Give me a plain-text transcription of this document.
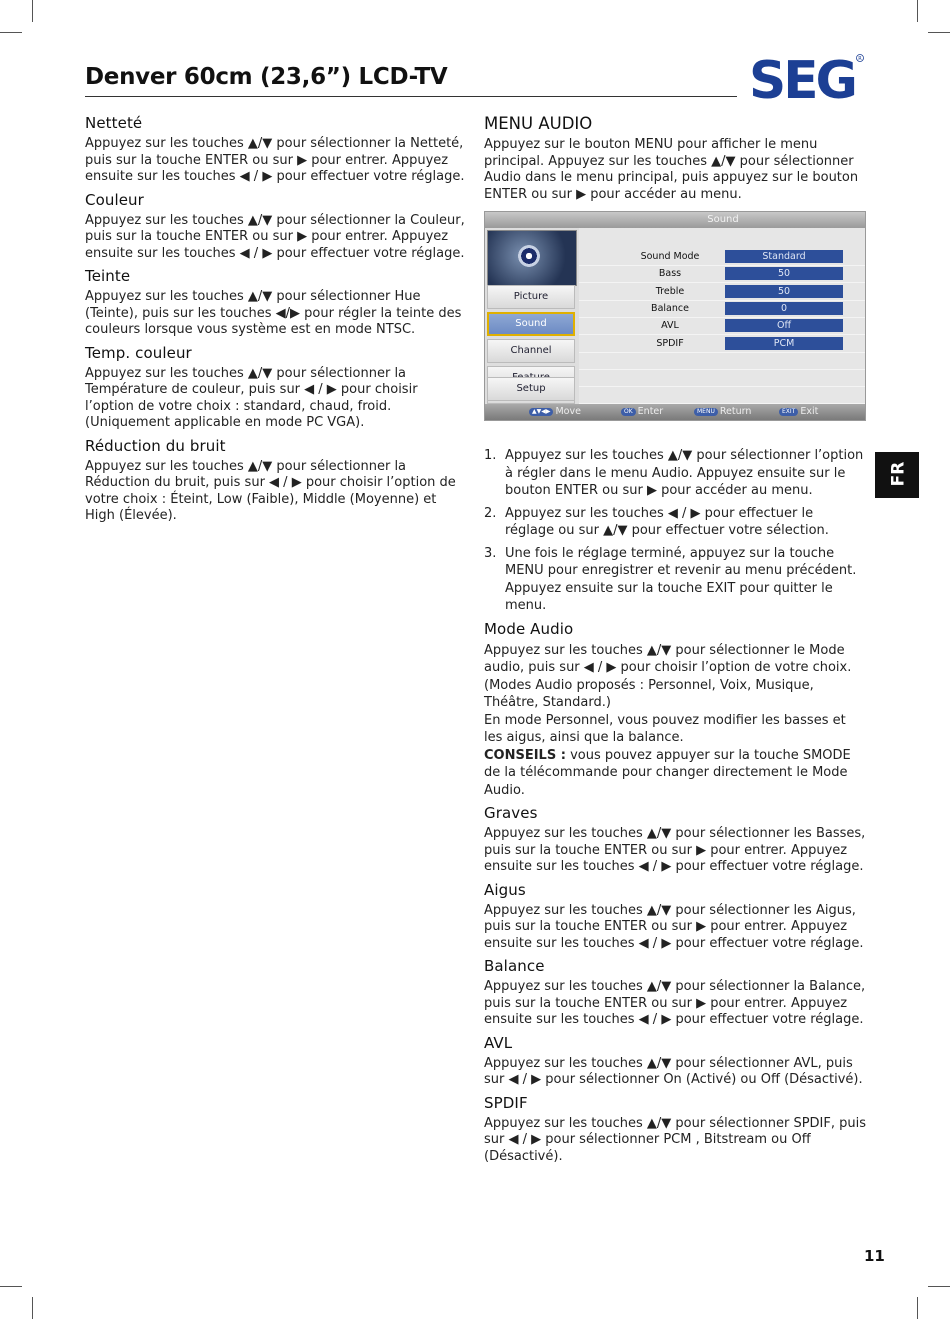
Denver 60cm (23,6”) LCD-TV	SEG R
Netteté

Appuyez sur les touches ▲/▼ pour sélectionner la Netteté, puis sur la touche ENTER ou sur ▶ pour entrer. Appuyez ensuite sur les touches ◀ / ▶ pour effectuer votre réglage.

Couleur

Appuyez sur les touches ▲/▼ pour sélectionner la Couleur, puis sur la touche ENTER ou sur ▶ pour entrer. Appuyez ensuite sur les touches ◀ / ▶ pour effectuer votre réglage.

Teinte

Appuyez sur les touches ▲/▼ pour sélectionner Hue (Teinte), puis sur les touches ◀/▶ pour régler la teinte des couleurs lorsque vous système est en mode NTSC.

Temp. couleur

Appuyez sur les touches ▲/▼ pour sélectionner la Température de couleur, puis sur ◀ / ▶ pour choisir l’option de votre choix : standard, chaud, froid. (Uniquement applicable en mode PC VGA).

Réduction du bruit

Appuyez sur les touches ▲/▼ pour sélectionner la Réduction du bruit, puis sur ◀ / ▶ pour choisir l’option de votre choix : Éteint, Low (Faible), Middle (Moyenne) et High (Élevée).

MENU AUDIO

Appuyez sur le bouton MENU pour afficher le menu principal. Appuyez sur les touches ▲/▼ pour sélectionner Audio dans le menu principal, puis appuyez sur le bouton ENTER ou sur ▶ pour accéder au menu.

Sound
Picture
Sound
Channel
Sound Mode	Standard
Bass	50
Treble	50
Balance	0
AVL	Off
SPDIF	PCM
Setup
▲▼◀▶ Move	OK Enter	MENU Return	EXIT Exit
1. Appuyez sur les touches ▲/▼ pour sélectionner l’option à régler dans le menu Audio. Appuyez ensuite sur le bouton ENTER ou sur ▶ pour accéder au menu.
2. Appuyez sur les touches ◀ / ▶ pour effectuer le réglage ou sur ▲/▼ pour effectuer votre sélection.
3. Une fois le réglage terminé, appuyez sur la touche MENU pour enregistrer et revenir au menu précédent. Appuyez ensuite sur la touche EXIT pour quitter le menu.
Mode Audio

Appuyez sur les touches ▲/▼ pour sélectionner le Mode audio, puis sur ◀ / ▶ pour choisir l’option de votre choix. (Modes Audio proposés : Personnel, Voix, Musique, Théâtre, Standard.)

En mode Personnel, vous pouvez modifier les basses et les aigus, ainsi que la balance.

CONSEILS : vous pouvez appuyer sur la touche SMODE de la télécommande pour changer directement le Mode Audio.

Graves

Appuyez sur les touches ▲/▼ pour sélectionner les Basses, puis sur la touche ENTER ou sur ▶ pour entrer. Appuyez ensuite sur les touches ◀ / ▶ pour effectuer votre réglage.

Aigus

Appuyez sur les touches ▲/▼ pour sélectionner les Aigus, puis sur la touche ENTER ou sur ▶ pour entrer. Appuyez ensuite sur les touches ◀ / ▶ pour effectuer votre réglage.

Balance

Appuyez sur les touches ▲/▼ pour sélectionner la Balance, puis sur la touche ENTER ou sur ▶ pour entrer. Appuyez ensuite sur les touches ◀ / ▶ pour effectuer votre réglage.

AVL

Appuyez sur les touches ▲/▼ pour sélectionner AVL, puis sur ◀ / ▶ pour sélectionner On (Activé) ou Off (Désactivé).

SPDIF

Appuyez sur les touches ▲/▼ pour sélectionner SPDIF, puis sur ◀ / ▶ pour sélectionner PCM , Bitstream ou Off (Désactivé).

FR
11
